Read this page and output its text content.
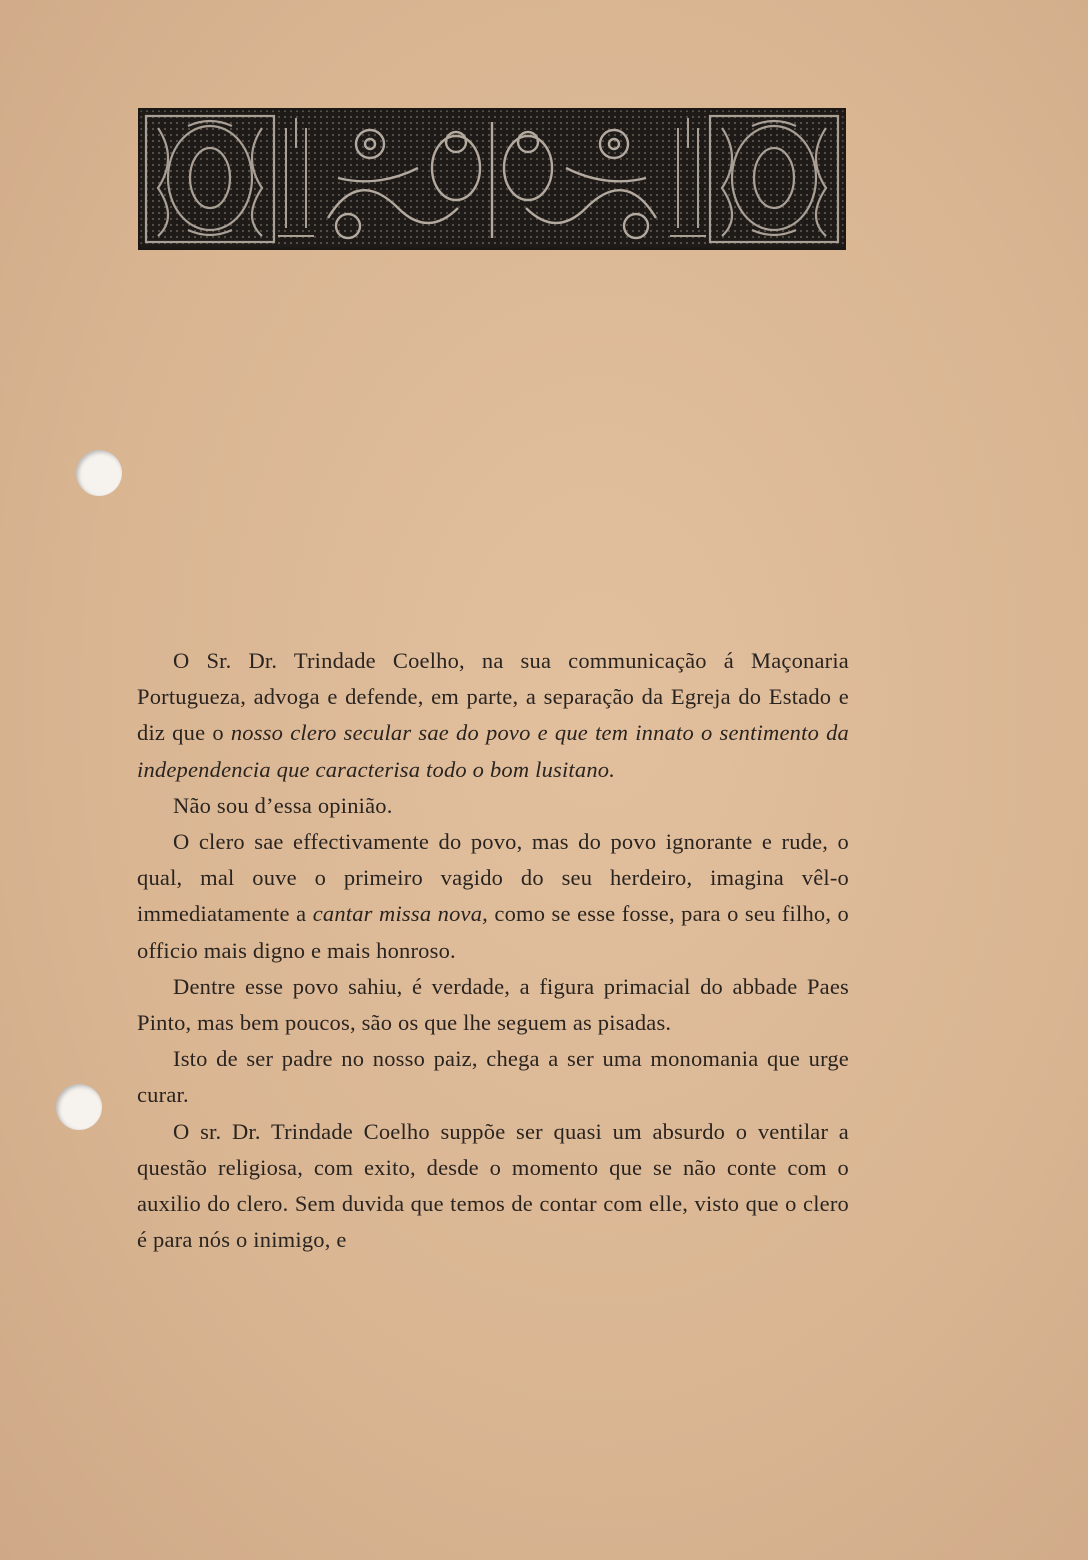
O Sr. Dr. Trindade Coelho, na sua communicação á Maçonaria Portugueza, advoga e defende, em parte, a separação da Egreja do Estado e diz que o nosso clero secular sae do povo e que tem innato o sentimento da independencia que caracterisa todo o bom lusitano.

Não sou d’essa opinião.

O clero sae effectivamente do povo, mas do povo ignorante e rude, o qual, mal ouve o primeiro vagido do seu herdeiro, imagina vêl-o immediatamente a cantar missa nova, como se esse fosse, para o seu filho, o officio mais digno e mais honroso.

Dentre esse povo sahiu, é verdade, a figura primacial do abbade Paes Pinto, mas bem poucos, são os que lhe seguem as pisadas.

Isto de ser padre no nosso paiz, chega a ser uma monomania que urge curar.

O sr. Dr. Trindade Coelho suppõe ser quasi um absurdo o ventilar a questão religiosa, com exito, desde o momento que se não conte com o auxilio do clero. Sem duvida que temos de contar com elle, visto que o clero é para nós o inimigo, e
